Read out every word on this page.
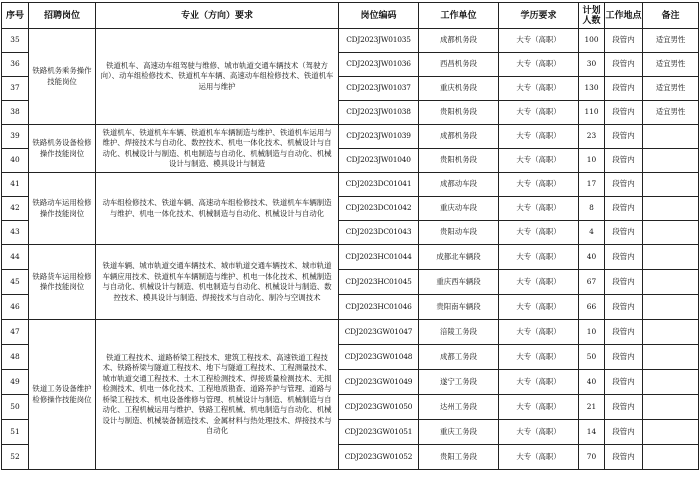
序号	招聘岗位	专业（方向）要求	岗位编码	工作单位	学历要求	计划人数	工作地点	备注
35	铁路机务乘务操作技能岗位	铁道机车、高速动车组驾驶与维修、城市轨道交通车辆技术（驾驶方向）、动车组检修技术、铁道机车车辆、高速动车组检修技术、铁道机车运用与维护	CDJ2023JW01035	成都机务段	大专（高职）	100	段管内	适宜男性
36			CDJ2023JW01036	西昌机务段	大专（高职）	30	段管内	适宜男性
37			CDJ2023JW01037	重庆机务段	大专（高职）	130	段管内	适宜男性
38			CDJ2023JW01038	贵阳机务段	大专（高职）	110	段管内	适宜男性
39	铁路机务设备检修操作技能岗位	铁道机车、铁道机车车辆、铁道机车车辆制造与维护、铁道机车运用与维护、焊接技术与自动化、数控技术、机电一体化技术、机械设计与自动化、机械设计与制造、机电制造与自动化、机械制造与自动化、机械设计与制造、模具设计与制造	CDJ2023JW01039	成都机务段	大专（高职）	23	段管内	
40			CDJ2023JW01040	贵阳机务段	大专（高职）	10	段管内	
41	铁路动车运用检修操作技能岗位	动车组检修技术、铁道车辆、高速动车组检修技术、铁道机车车辆制造与维护、机电一体化技术、机械制造与自动化、机械设计与自动化	CDJ2023DC01041	成都动车段	大专（高职）	17	段管内	
42			CDJ2023DC01042	重庆动车段	大专（高职）	8	段管内	
43			CDJ2023DC01043	贵阳动车段	大专（高职）	4	段管内	
44	铁路货车运用检修操作技能岗位	铁道车辆、城市轨道交通车辆技术、城市轨道交通车辆技术、城市轨道车辆应用技术、铁道机车车辆制造与维护、机电一体化技术、机械制造与自动化、机械设计与制造、机电制造与自动化、机械设计与制造、数控技术、模具设计与制造、焊接技术与自动化、制冷与空调技术	CDJ2023HC01044	成都北车辆段	大专（高职）	40	段管内	
45			CDJ2023HC01045	重庆西车辆段	大专（高职）	67	段管内	
46			CDJ2023HC01046	贵阳南车辆段	大专（高职）	66	段管内	
47	铁道工务设备维护检修操作技能岗位	铁道工程技术、道路桥梁工程技术、建筑工程技术、高速铁道工程技术、铁路桥梁与隧道工程技术、地下与隧道工程技术、工程测量技术、城市轨道交通工程技术、土木工程检测技术、焊接质量检测技术、无损检测技术、机电一体化技术、工程地质勘查、道路养护与管理、道路与桥梁工程技术、机电设备维修与管理、机械设计与制造、机械制造与自动化、工程机械运用与维护、铁路工程机械、机电制造与自动化、机械设计与制造、机械装备制造技术、金属材料与热处理技术、焊接技术与自动化	CDJ2023GW01047	涪陵工务段	大专（高职）	10	段管内	
48			CDJ2023GW01048	成都工务段	大专（高职）	50	段管内	
49			CDJ2023GW01049	遂宁工务段	大专（高职）	40	段管内	
50			CDJ2023GW01050	达州工务段	大专（高职）	21	段管内	
51			CDJ2023GW01051	重庆工务段	大专（高职）	14	段管内	
52			CDJ2023GW01052	贵阳工务段	大专（高职）	70	段管内	
